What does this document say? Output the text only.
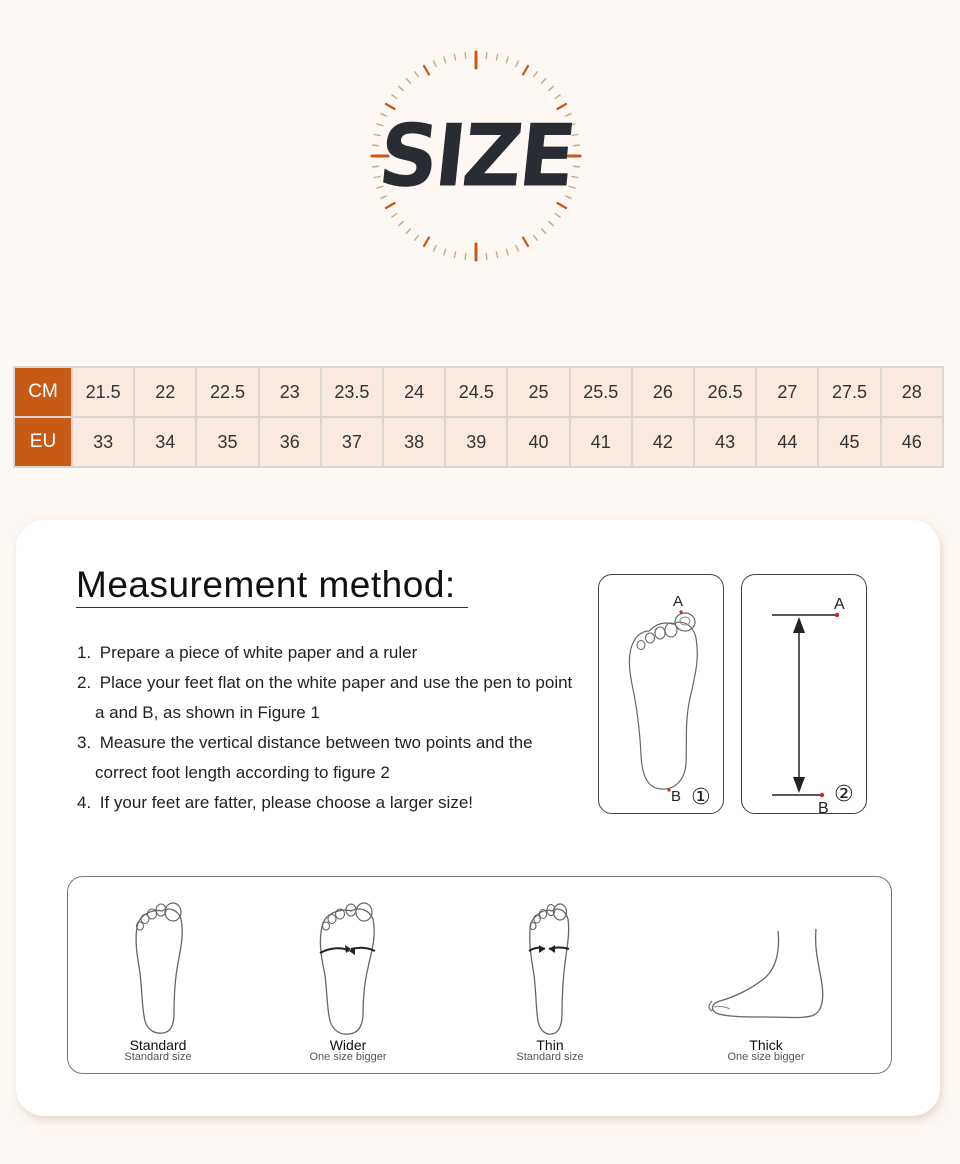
SIZE
CM	21.5	22	22.5	23	23.5	24	24.5	25	25.5	26	26.5	27	27.5	28
EU	33	34	35	36	37	38	39	40	41	42	43	44	45	46
Measurement method:
1. Prepare a piece of white paper and a ruler
2. Place your feet flat on the white paper and use the pen to point a and B, as shown in Figure 1
3. Measure the vertical distance between two points and the correct foot length according to figure 2
4. If your feet are fatter, please choose a larger size!
A
B ①
A
B
②
Standard
Standard size
Wider
One size bigger
Thin
Standard size
Thick
One size bigger
